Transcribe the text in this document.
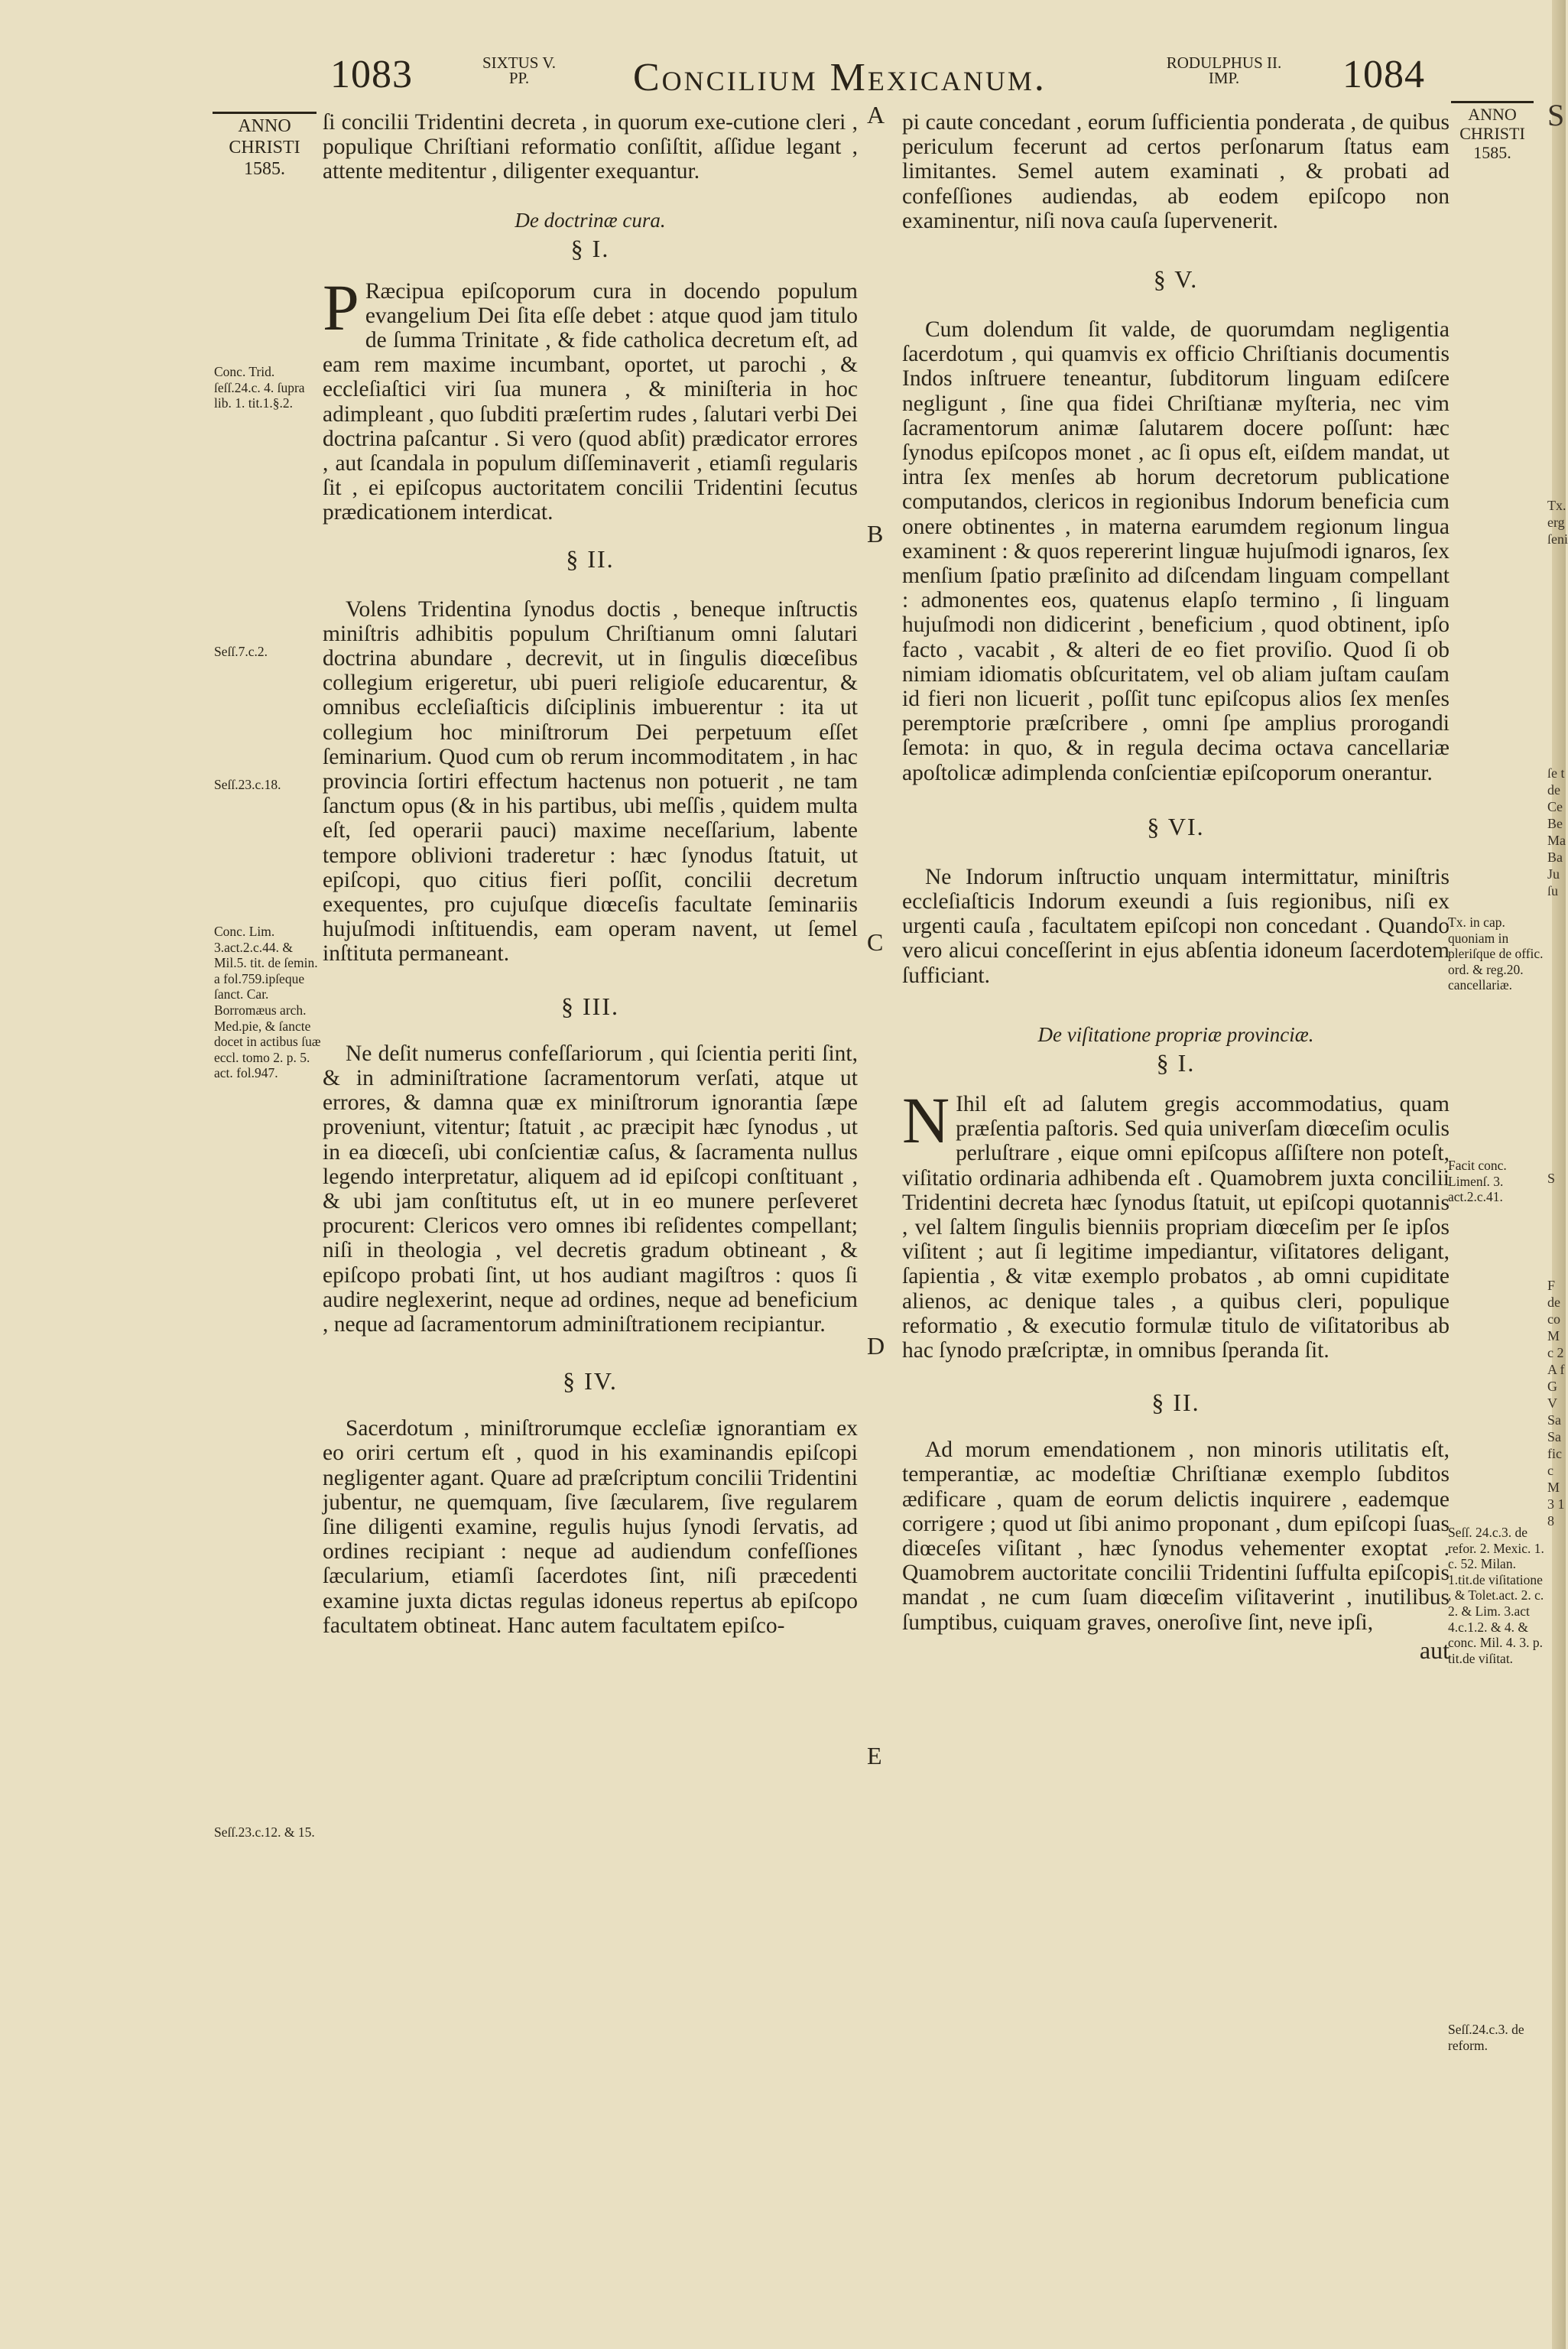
1083	SIXTUS V.
PP.	Concilium Mexicanum.	RODULPHUS II.
IMP.	1084
ANNO
CHRISTI
1585.
ANNO
CHRISTI
1585.
Conc. Trid. ſeſſ.24.c. 4. ſupra lib. 1. tit.1.§.2.
Seſſ.7.c.2.
Seſſ.23.c.18.
Conc. Lim. 3.act.2.c.44. & Mil.5. tit. de ſemin. a fol.759.ipſeque ſanct. Car. Borromæus arch. Med.pie, & ſancte docet in actibus ſuæ eccl. tomo 2. p. 5. act. fol.947.
Seſſ.23.c.12. & 15.
Tx. in cap. quoniam in pleriſque de offic. ord. & reg.20. cancellariæ.
Facit conc. Limenſ. 3. act.2.c.41.
Seſſ. 24.c.3. de refor. 2. Mexic. 1. c. 52. Milan. 1.tit.de viſitatione , & Tolet.act. 2. c. 2. & Lim. 3.act 4.c.1.2. & 4. & conc. Mil. 4. 3. p. tit.de viſitat.
Seſſ.24.c.3. de reform.
A
B
C
D
E
S
Tx. erg ſeni
ſe t de Ce Be Ma Ba Ju ſu
S
F de co M c 2 A f G V Sa Sa fic c M 3 1 8

ſi concilii Tridentini decreta , in quorum exe-cutione cleri , populique Chriſtiani reformatio conſiſtit, aſſidue legant , attente meditentur , diligenter exequantur.

De doctrinæ cura.

§ I.

P Ræcipua epiſcoporum cura in docendo populum evangelium Dei ſita eſſe debet : atque quod jam titulo de ſumma Trinitate , & fide catholica decretum eſt, ad eam rem maxime incumbant, oportet, ut parochi , & eccleſiaſtici viri ſua munera , & miniſteria in hoc adimpleant , quo ſubditi præſertim rudes , ſalutari verbi Dei doctrina paſcantur . Si vero (quod abſit) prædicator errores , aut ſcandala in populum diſſeminaverit , etiamſi regularis ſit , ei epiſcopus auctoritatem concilii Tridentini ſecutus prædicationem interdicat.

§ II.

Volens Tridentina ſynodus doctis , beneque inſtructis miniſtris adhibitis populum Chriſtianum omni ſalutari doctrina abundare , decrevit, ut in ſingulis diœceſibus collegium erigeretur, ubi pueri religioſe educarentur, & omnibus eccleſiaſticis diſciplinis imbuerentur : ita ut collegium hoc miniſtrorum Dei perpetuum eſſet ſeminarium. Quod cum ob rerum incommoditatem , in hac provincia ſortiri effectum hactenus non potuerit , ne tam ſanctum opus (& in his partibus, ubi meſſis , quidem multa eſt, ſed operarii pauci) maxime neceſſarium, labente tempore oblivioni traderetur : hæc ſynodus ſtatuit, ut epiſcopi, quo citius fieri poſſit, concilii decretum exequentes, pro cujuſque diœceſis facultate ſeminariis hujuſmodi inſtituendis, eam operam navent, ut ſemel inſtituta permaneant.

§ III.

Ne deſit numerus confeſſariorum , qui ſcientia periti ſint, & in adminiſtratione ſacramentorum verſati, atque ut errores, & damna quæ ex miniſtrorum ignorantia ſæpe proveniunt, vitentur; ſtatuit , ac præcipit hæc ſynodus , ut in ea diœceſi, ubi conſcientiæ caſus, & ſacramenta nullus legendo interpretatur, aliquem ad id epiſcopi conſtituant , & ubi jam conſtitutus eſt, ut in eo munere perſeveret procurent: Clericos vero omnes ibi reſidentes compellant; niſi in theologia , vel decretis gradum obtineant , & epiſcopo probati ſint, ut hos audiant magiſtros : quos ſi audire neglexerint, neque ad ordines, neque ad beneficium , neque ad ſacramentorum adminiſtrationem recipiantur.

§ IV.

Sacerdotum , miniſtrorumque eccleſiæ ignorantiam ex eo oriri certum eſt , quod in his examinandis epiſcopi negligenter agant. Quare ad præſcriptum concilii Tridentini jubentur, ne quemquam, ſive ſæcularem, ſive regularem ſine diligenti examine, regulis hujus ſynodi ſervatis, ad ordines recipiant : neque ad audiendum confeſſiones ſæcularium, etiamſi ſacerdotes ſint, niſi præcedenti examine juxta dictas regulas idoneus repertus ab epiſcopo facultatem obtineat. Hanc autem facultatem epiſco-

pi caute concedant , eorum ſufficientia ponderata , de quibus periculum fecerunt ad certos perſonarum ſtatus eam limitantes. Semel autem examinati , & probati ad confeſſiones audiendas, ab eodem epiſcopo non examinentur, niſi nova cauſa ſupervenerit.

§ V.

Cum dolendum ſit valde, de quorumdam negligentia ſacerdotum , qui quamvis ex officio Chriſtianis documentis Indos inſtruere teneantur, ſubditorum linguam ediſcere negligunt , ſine qua fidei Chriſtianæ myſteria, nec vim ſacramentorum animæ ſalutarem docere poſſunt: hæc ſynodus epiſcopos monet , ac ſi opus eſt, eiſdem mandat, ut intra ſex menſes ab horum decretorum publicatione computandos, clericos in regionibus Indorum beneficia cum onere obtinentes , in materna earumdem regionum lingua examinent : & quos repererint linguæ hujuſmodi ignaros, ſex menſium ſpatio præſinito ad diſcendam linguam compellant : admonentes eos, quatenus elapſo termino , ſi linguam hujuſmodi non didicerint , beneficium , quod obtinent, ipſo facto , vacabit , & alteri de eo fiet proviſio. Quod ſi ob nimiam idiomatis obſcuritatem, vel ob aliam juſtam cauſam id fieri non licuerit , poſſit tunc epiſcopus alios ſex menſes peremptorie præſcribere , omni ſpe amplius prorogandi ſemota: in quo, & in regula decima octava cancellariæ apoſtolicæ adimplenda conſcientiæ epiſcoporum onerantur.

§ VI.

Ne Indorum inſtructio unquam intermittatur, miniſtris eccleſiaſticis Indorum exeundi a ſuis regionibus, niſi ex urgenti cauſa , facultatem epiſcopi non concedant . Quando vero alicui conceſſerint in ejus abſentia idoneum ſacerdotem ſufficiant.

De viſitatione propriæ provinciæ.

§ I.

N Ihil eſt ad ſalutem gregis accommodatius, quam præſentia paſtoris. Sed quia univerſam diœceſim oculis perluſtrare , eique omni epiſcopus aſſiſtere non poteſt, viſitatio ordinaria adhibenda eſt . Quamobrem juxta concilii Tridentini decreta hæc ſynodus ſtatuit, ut epiſcopi quotannis , vel ſaltem ſingulis bienniis propriam diœceſim per ſe ipſos viſitent ; aut ſi legitime impediantur, viſitatores deligant, ſapientia , & vitæ exemplo probatos , ab omni cupiditate alienos, ac denique tales , a quibus cleri, populique reformatio , & executio formulæ titulo de viſitatoribus ab hac ſynodo præſcriptæ, in omnibus ſperanda ſit.

§ II.

Ad morum emendationem , non minoris utilitatis eſt, temperantiæ, ac modeſtiæ Chriſtianæ exemplo ſubditos ædificare , quam de eorum delictis inquirere , eademque corrigere ; quod ut ſibi animo proponant , dum epiſcopi ſuas diœceſes viſitant , hæc ſynodus vehementer exoptat . Quamobrem auctoritate concilii Tridentini ſuffulta epiſcopis mandat , ne cum ſuam diœceſim viſitaverint , inutilibus ſumptibus, cuiquam graves, oneroſive ſint, neve ipſi,

aut
